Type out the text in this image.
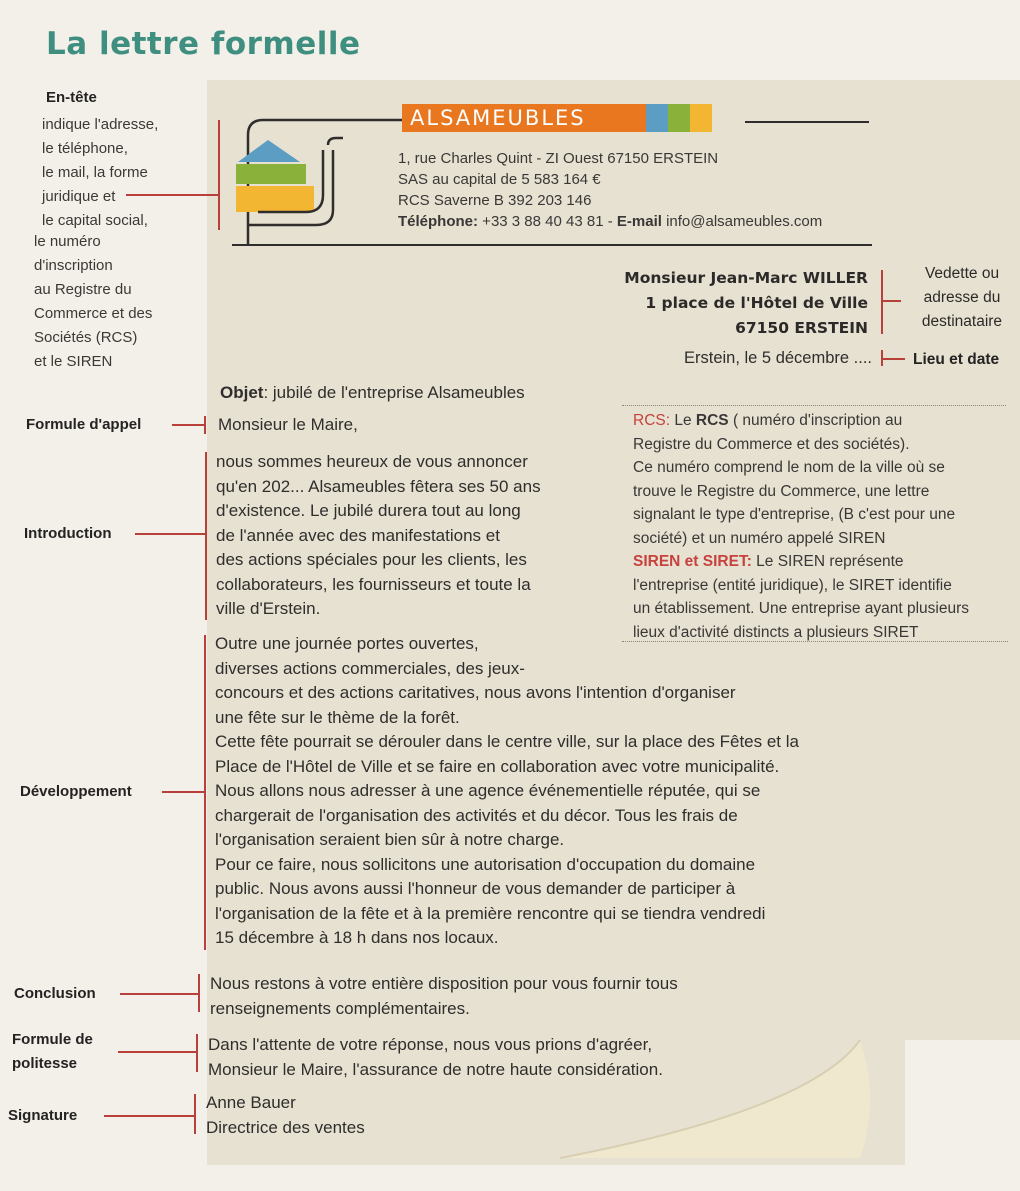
La lettre formelle
En-tête
indique l'adresse,
le téléphone,
le mail, la forme
juridique et
le capital social,
le numéro
d'inscription
au Registre du
Commerce et des
Sociétés (RCS)
et le SIREN
Formule d'appel
Introduction
Développement
Conclusion
Formule de
politesse
Signature
ALSAMEUBLES
1, rue Charles Quint - ZI Ouest 67150 ERSTEIN
SAS au capital de 5 583 164 €
RCS Saverne B 392 203 146
Téléphone: +33 3 88 40 43 81 - E-mail info@alsameubles.com
Monsieur Jean-Marc WILLER
1 place de l'Hôtel de Ville
67150 ERSTEIN
Vedette ou
adresse du
destinataire
Erstein, le 5 décembre ....	Lieu et date
Objet: jubilé de l'entreprise Alsameubles
Monsieur le Maire,
nous sommes heureux de vous annoncer
qu'en 202... Alsameubles fêtera ses 50 ans
d'existence. Le jubilé durera tout au long
de l'année avec des manifestations et
des actions spéciales pour les clients, les
collaborateurs, les fournisseurs et toute la
ville d'Erstein.
RCS: Le RCS ( numéro d'inscription au
Registre du Commerce et des sociétés).
Ce numéro comprend le nom de la ville où se
trouve le Registre du Commerce, une lettre
signalant le type d'entreprise, (B c'est pour une
société) et un numéro appelé SIREN
SIREN et SIRET: Le SIREN représente
l'entreprise (entité juridique), le SIRET identifie
un établissement. Une entreprise ayant plusieurs
lieux d'activité distincts a plusieurs SIRET
Outre une journée portes ouvertes,
diverses actions commerciales, des jeux-
concours et des actions caritatives, nous avons l'intention d'organiser
une fête sur le thème de la forêt.
Cette fête pourrait se dérouler dans le centre ville, sur la place des Fêtes et la
Place de l'Hôtel de Ville et se faire en collaboration avec votre municipalité.
Nous allons nous adresser à une agence événementielle réputée, qui se
chargerait de l'organisation des activités et du décor. Tous les frais de
l'organisation seraient bien sûr à notre charge.
Pour ce faire, nous sollicitons une autorisation d'occupation du domaine
public. Nous avons aussi l'honneur de vous demander de participer à
l'organisation de la fête et à la première rencontre qui se tiendra vendredi
15 décembre à 18 h dans nos locaux.
Nous restons à votre entière disposition pour vous fournir tous
renseignements complémentaires.
Dans l'attente de votre réponse, nous vous prions d'agréer,
Monsieur le Maire, l'assurance de notre haute considération.
Anne Bauer
Directrice des ventes
